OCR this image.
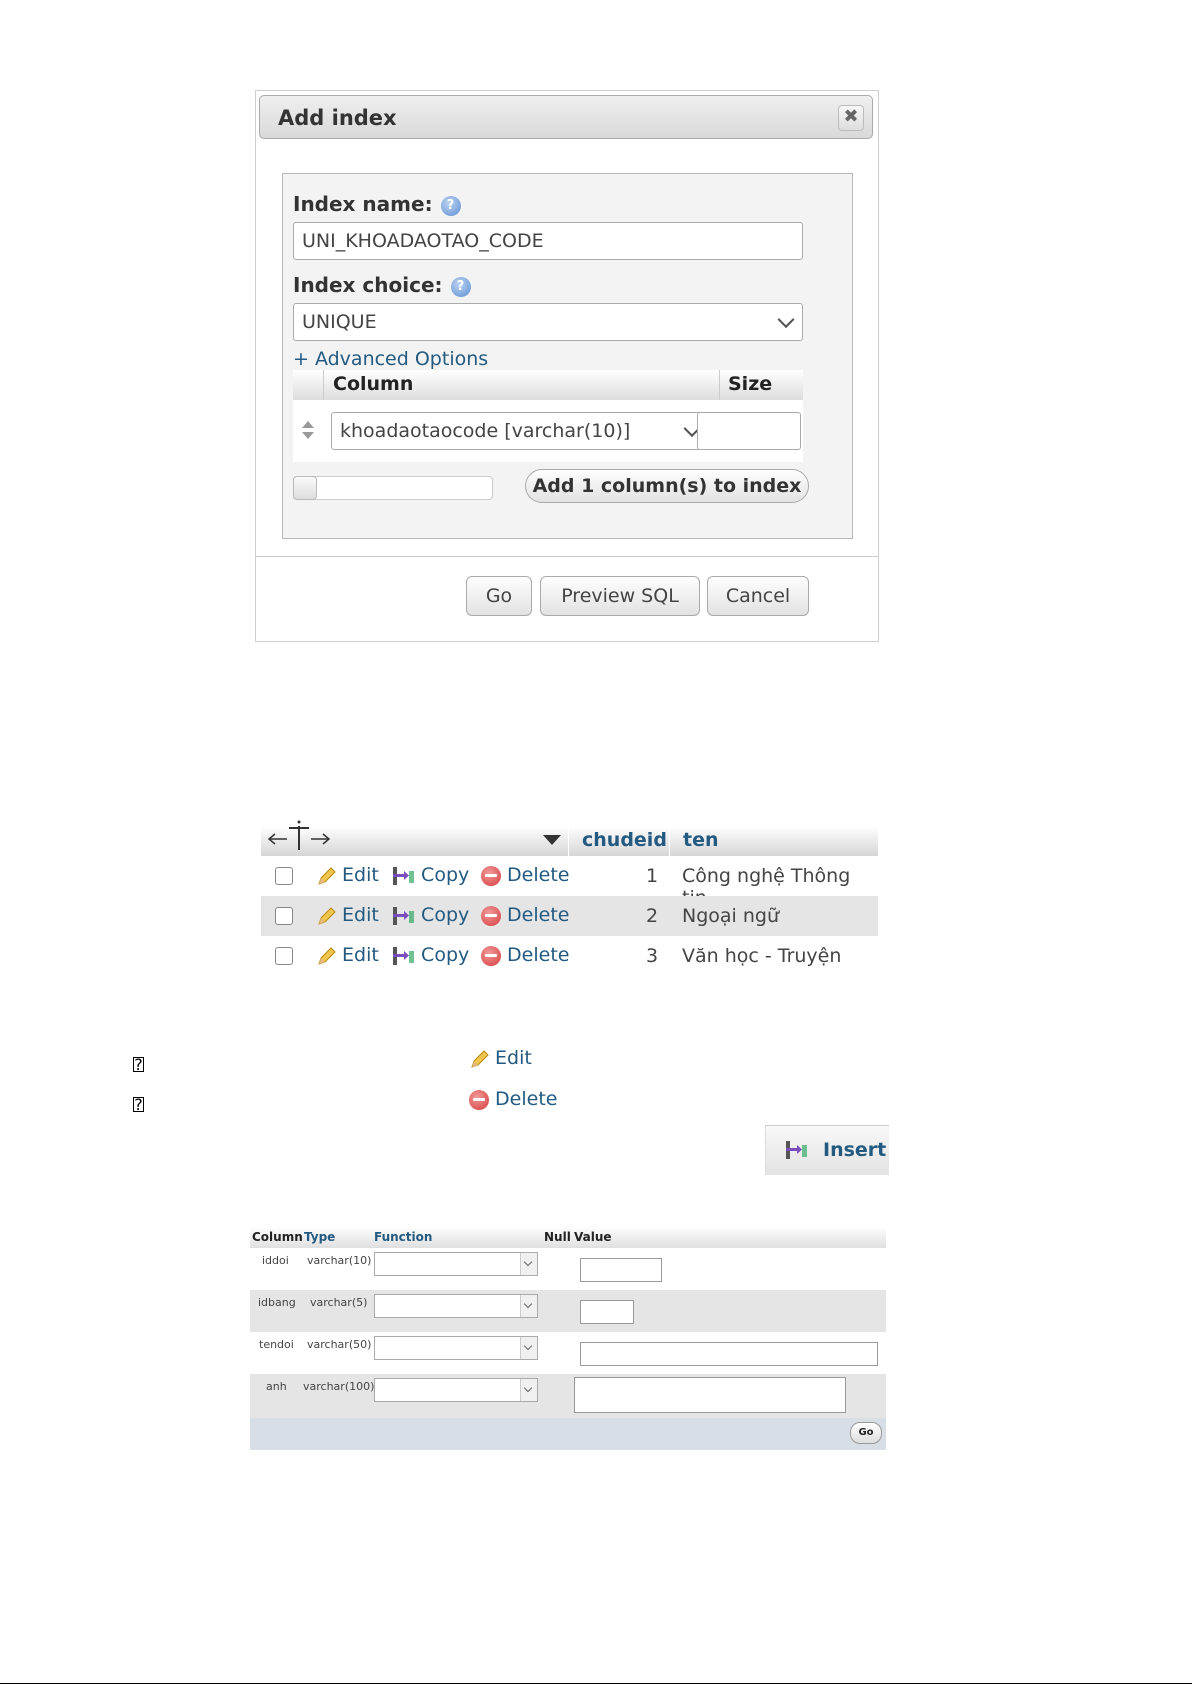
Add index	✖
Index name: ?
UNI_KHOADAOTAO_CODE
Index choice: ?
UNIQUE
+ Advanced Options
Column	Size
khoadaotaocode [varchar(10)]
Add 1 column(s) to index
Go	Preview SQL	Cancel
chudeid ten
Edit	Copy	Delete	1 Công nghệ Thông
Edit	Copy	Delete	2 Ngoại ngữ
Edit	Copy	Delete	3 Văn học - Truyện
?	Edit
?	Delete
Insert
Column Type	Function	Null Value
iddoi varchar(10)
idbang varchar(5)
tendoi varchar(50)
anh varchar(100)
Go
